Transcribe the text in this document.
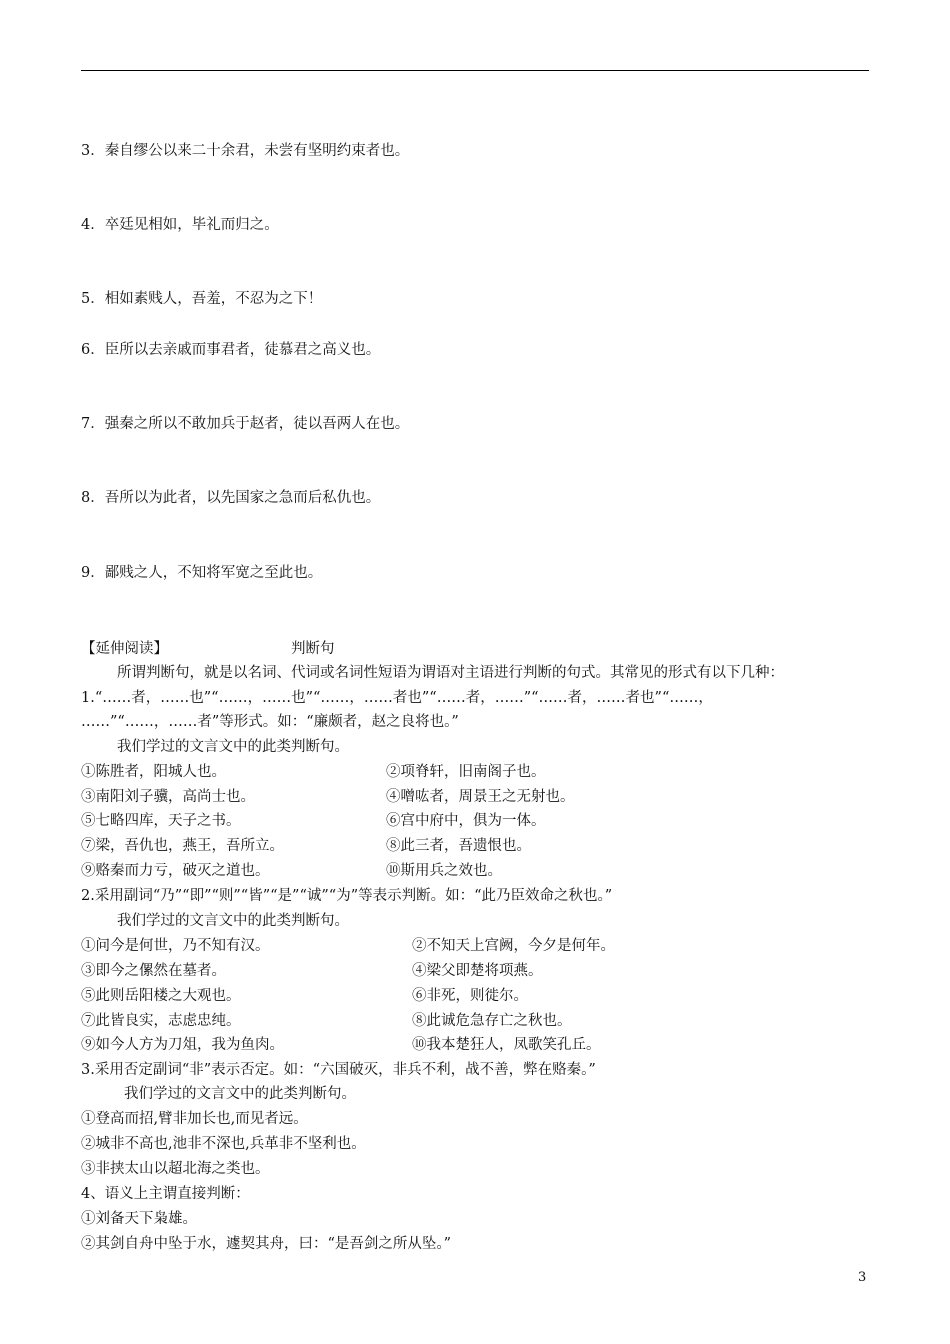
3．秦自缪公以来二十余君，未尝有坚明约束者也。
4．卒廷见相如，毕礼而归之。
5．相如素贱人，吾羞，不忍为之下！
6．臣所以去亲戚而事君者，徒慕君之高义也。
7．强秦之所以不敢加兵于赵者，徒以吾两人在也。
8．吾所以为此者，以先国家之急而后私仇也。
9．鄙贱之人，不知将军宽之至此也。
【延伸阅读】	判断句
所谓判断句，就是以名词、代词或名词性短语为谓语对主语进行判断的句式。其常见的形式有以下几种：
1.“……者，……也”“……，……也”“……，……者也”“……者，……”“……者，……者也”“……，
……”“……，……者”等形式。如：“廉颇者，赵之良将也。”
我们学过的文言文中的此类判断句。
①陈胜者，阳城人也。	②项脊轩，旧南阁子也。
③南阳刘子骥，高尚士也。	④噌吰者，周景王之无射也。
⑤七略四库，天子之书。	⑥宫中府中，俱为一体。
⑦梁，吾仇也，燕王，吾所立。	⑧此三者，吾遗恨也。
⑨赂秦而力亏，破灭之道也。	⑩斯用兵之效也。
2.采用副词“乃”“即”“则”“皆”“是”“诚”“为”等表示判断。如：“此乃臣效命之秋也。”
我们学过的文言文中的此类判断句。
①问今是何世，乃不知有汉。	②不知天上宫阙，今夕是何年。
③即今之傫然在墓者。	④梁父即楚将项燕。
⑤此则岳阳楼之大观也。	⑥非死，则徙尔。
⑦此皆良实，志虑忠纯。	⑧此诚危急存亡之秋也。
⑨如今人方为刀俎，我为鱼肉。	⑩我本楚狂人，凤歌笑孔丘。
3.采用否定副词“非”表示否定。如：“六国破灭，非兵不利，战不善，弊在赂秦。”
我们学过的文言文中的此类判断句。
①登高而招,臂非加长也,而见者远。
②城非不高也,池非不深也,兵革非不坚利也。
③非挟太山以超北海之类也。
4、语义上主谓直接判断：
①刘备天下枭雄。
②其剑自舟中坠于水，遽契其舟，曰：“是吾剑之所从坠。”
3
